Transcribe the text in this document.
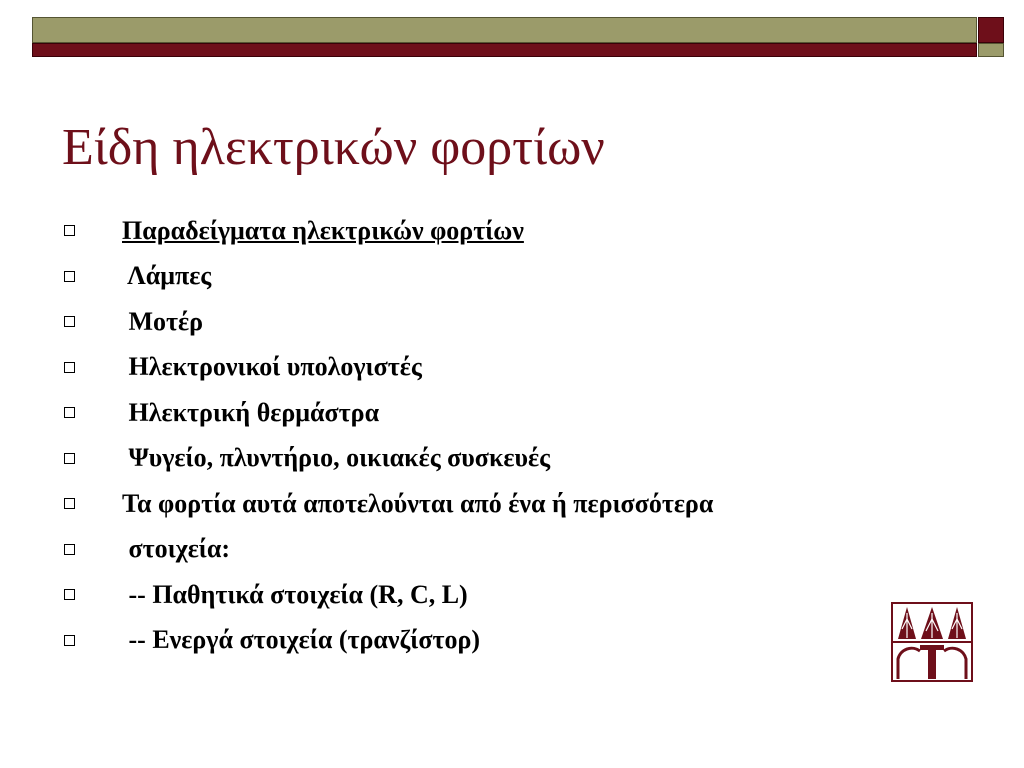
Είδη ηλεκτρικών φορτίων
Παραδείγματα ηλεκτρικών φορτίων
Λάμπες
Μοτέρ
Ηλεκτρονικοί υπολογιστές
Ηλεκτρική θερμάστρα
Ψυγείο, πλυντήριο, οικιακές συσκευές
Τα φορτία αυτά αποτελούνται από ένα ή περισσότερα
στοιχεία:
-- Παθητικά στοιχεία (R, C, L)
-- Ενεργά στοιχεία (τρανζίστορ)
